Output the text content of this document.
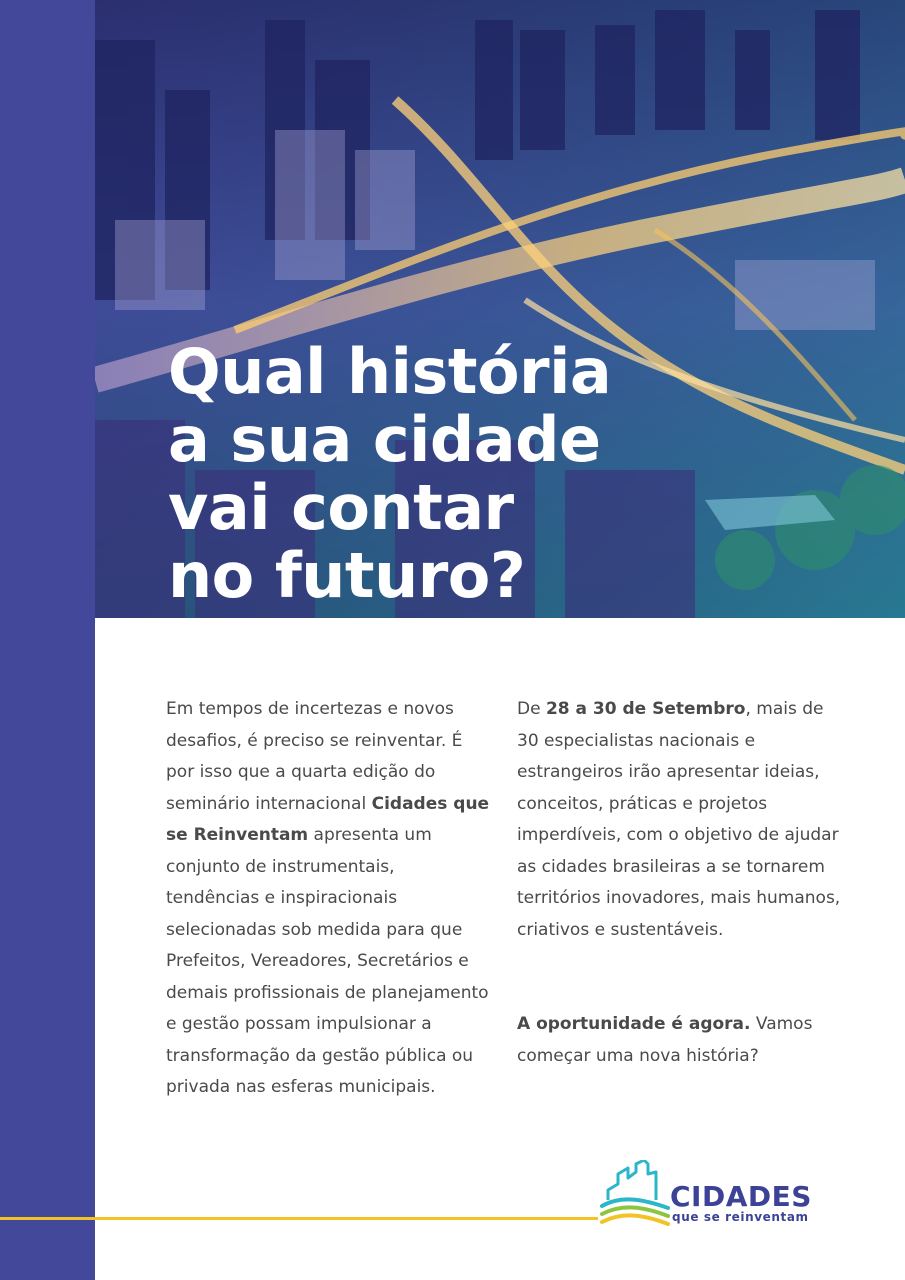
Qual história
a sua cidade
vai contar
no futuro?

Em tempos de incertezas e novos desafios, é preciso se reinventar. É por isso que a quarta edição do seminário internacional Cidades que se Reinventam apresenta um conjunto de instrumentais, tendências e inspiracionais selecionadas sob medida para que Prefeitos, Vereadores, Secretários e demais profissionais de planejamento e gestão possam impulsionar a transformação da gestão pública ou privada nas esferas municipais.

De 28 a 30 de Setembro, mais de 30 especialistas nacionais e estrangeiros irão apresentar ideias, conceitos, práticas e projetos imperdíveis, com o objetivo de ajudar as cidades brasileiras a se tornarem territórios inovadores, mais humanos, criativos e sustentáveis.

A oportunidade é agora. Vamos começar uma nova história?

CIDADES
que se reinventam
